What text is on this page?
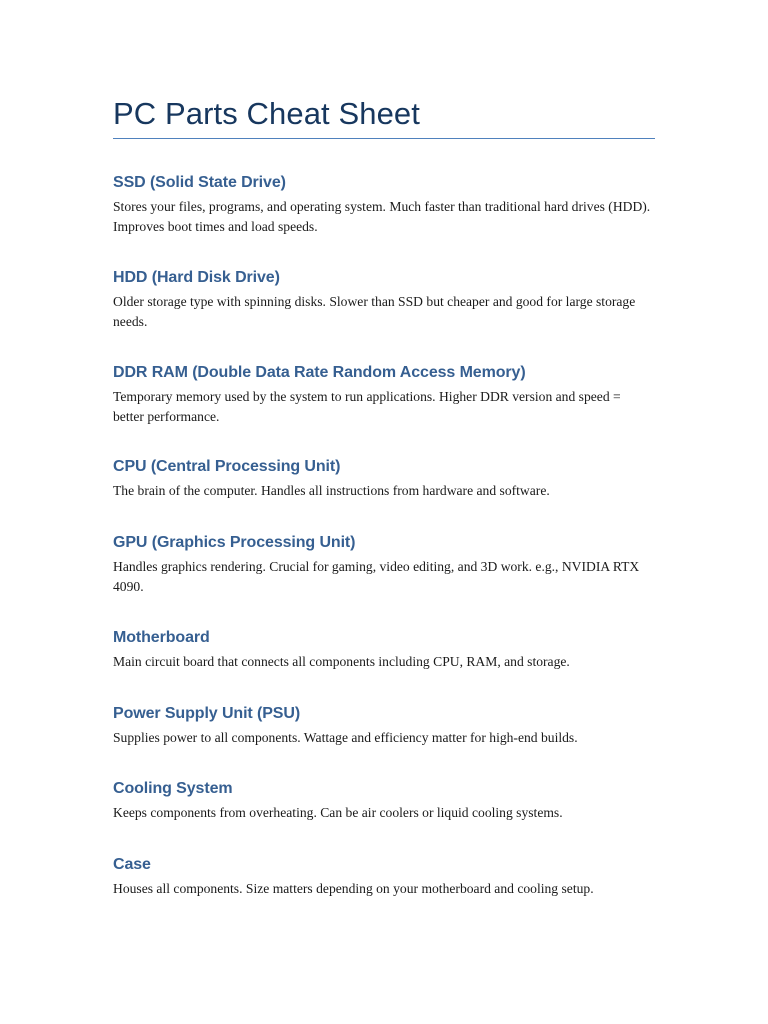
PC Parts Cheat Sheet
SSD (Solid State Drive)

Stores your files, programs, and operating system. Much faster than traditional hard drives (HDD). Improves boot times and load speeds.

HDD (Hard Disk Drive)

Older storage type with spinning disks. Slower than SSD but cheaper and good for large storage needs.

DDR RAM (Double Data Rate Random Access Memory)

Temporary memory used by the system to run applications. Higher DDR version and speed = better performance.

CPU (Central Processing Unit)

The brain of the computer. Handles all instructions from hardware and software.

GPU (Graphics Processing Unit)

Handles graphics rendering. Crucial for gaming, video editing, and 3D work. e.g., NVIDIA RTX 4090.

Motherboard

Main circuit board that connects all components including CPU, RAM, and storage.

Power Supply Unit (PSU)

Supplies power to all components. Wattage and efficiency matter for high-end builds.

Cooling System

Keeps components from overheating. Can be air coolers or liquid cooling systems.

Case

Houses all components. Size matters depending on your motherboard and cooling setup.
